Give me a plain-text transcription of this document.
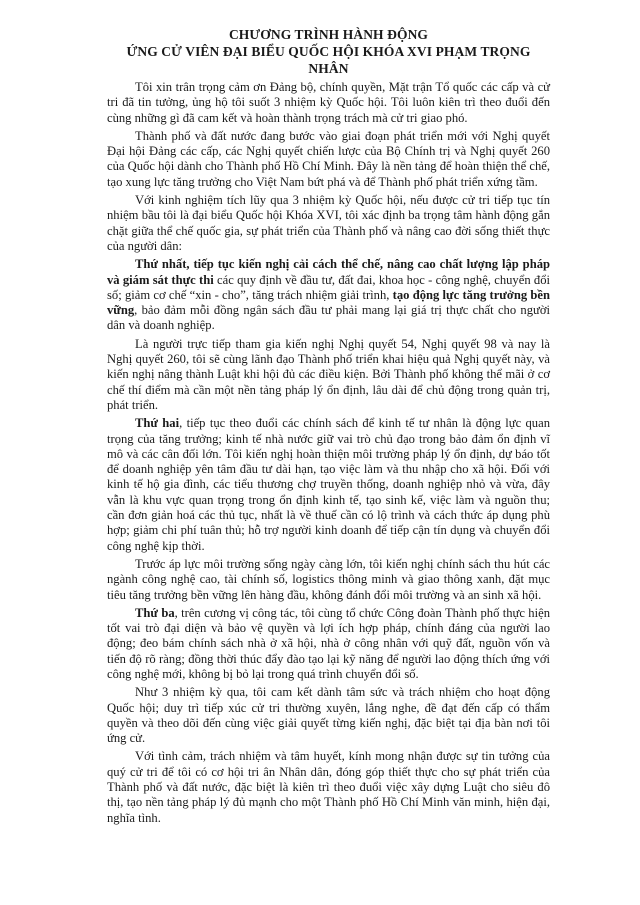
CHƯƠNG TRÌNH HÀNH ĐỘNG
ỨNG CỬ VIÊN ĐẠI BIỂU QUỐC HỘI KHÓA XVI PHẠM TRỌNG NHÂN

Tôi xin trân trọng cảm ơn Đảng bộ, chính quyền, Mặt trận Tổ quốc các cấp và cử tri đã tin tưởng, ủng hộ tôi suốt 3 nhiệm kỳ Quốc hội. Tôi luôn kiên trì theo đuổi đến cùng những gì đã cam kết và hoàn thành trọng trách mà cử tri giao phó.

Thành phố và đất nước đang bước vào giai đoạn phát triển mới với Nghị quyết Đại hội Đảng các cấp, các Nghị quyết chiến lược của Bộ Chính trị và Nghị quyết 260 của Quốc hội dành cho Thành phố Hồ Chí Minh. Đây là nền tảng để hoàn thiện thể chế, tạo xung lực tăng trưởng cho Việt Nam bứt phá và để Thành phố phát triển xứng tầm.

Với kinh nghiệm tích lũy qua 3 nhiệm kỳ Quốc hội, nếu được cử tri tiếp tục tín nhiệm bầu tôi là đại biểu Quốc hội Khóa XVI, tôi xác định ba trọng tâm hành động gắn chặt giữa thể chế quốc gia, sự phát triển của Thành phố và nâng cao đời sống thiết thực của người dân:

Thứ nhất, tiếp tục kiến nghị cải cách thể chế, nâng cao chất lượng lập pháp và giám sát thực thi các quy định về đầu tư, đất đai, khoa học - công nghệ, chuyển đổi số; giảm cơ chế “xin - cho”, tăng trách nhiệm giải trình, tạo động lực tăng trưởng bền vững, bảo đảm mỗi đồng ngân sách đầu tư phải mang lại giá trị thực chất cho người dân và doanh nghiệp.

Là người trực tiếp tham gia kiến nghị Nghị quyết 54, Nghị quyết 98 và nay là Nghị quyết 260, tôi sẽ cùng lãnh đạo Thành phố triển khai hiệu quả Nghị quyết này, và kiến nghị nâng thành Luật khi hội đủ các điều kiện. Bởi Thành phố không thể mãi ở cơ chế thí điểm mà cần một nền tảng pháp lý ổn định, lâu dài để chủ động trong quản trị, phát triển.

Thứ hai, tiếp tục theo đuổi các chính sách để kinh tế tư nhân là động lực quan trọng của tăng trưởng; kinh tế nhà nước giữ vai trò chủ đạo trong bảo đảm ổn định vĩ mô và các cân đối lớn. Tôi kiến nghị hoàn thiện môi trường pháp lý ổn định, dự báo tốt để doanh nghiệp yên tâm đầu tư dài hạn, tạo việc làm và thu nhập cho xã hội. Đối với kinh tế hộ gia đình, các tiểu thương chợ truyền thống, doanh nghiệp nhỏ và vừa, đây vẫn là khu vực quan trọng trong ổn định kinh tế, tạo sinh kế, việc làm và nguồn thu; cần đơn giản hoá các thủ tục, nhất là về thuế cần có lộ trình và cách thức áp dụng phù hợp; giảm chi phí tuân thủ; hỗ trợ người kinh doanh để tiếp cận tín dụng và chuyển đổi công nghệ kịp thời.

Trước áp lực môi trường sống ngày càng lớn, tôi kiến nghị chính sách thu hút các ngành công nghệ cao, tài chính số, logistics thông minh và giao thông xanh, đặt mục tiêu tăng trưởng bền vững lên hàng đầu, không đánh đổi môi trường và an sinh xã hội.

Thứ ba, trên cương vị công tác, tôi cùng tổ chức Công đoàn Thành phố thực hiện tốt vai trò đại diện và bảo vệ quyền và lợi ích hợp pháp, chính đáng của người lao động; đeo bám chính sách nhà ở xã hội, nhà ở công nhân với quỹ đất, nguồn vốn và tiến độ rõ ràng; đồng thời thúc đẩy đào tạo lại kỹ năng để người lao động thích ứng với công nghệ mới, không bị bỏ lại trong quá trình chuyển đổi số.

Như 3 nhiệm kỳ qua, tôi cam kết dành tâm sức và trách nhiệm cho hoạt động Quốc hội; duy trì tiếp xúc cử tri thường xuyên, lắng nghe, đề đạt đến cấp có thẩm quyền và theo dõi đến cùng việc giải quyết từng kiến nghị, đặc biệt tại địa bàn nơi tôi ứng cử.

Với tình cảm, trách nhiệm và tâm huyết, kính mong nhận được sự tin tưởng của quý cử tri để tôi có cơ hội tri ân Nhân dân, đóng góp thiết thực cho sự phát triển của Thành phố và đất nước, đặc biệt là kiên trì theo đuổi việc xây dựng Luật cho siêu đô thị, tạo nền tảng pháp lý đủ mạnh cho một Thành phố Hồ Chí Minh văn minh, hiện đại, nghĩa tình.
